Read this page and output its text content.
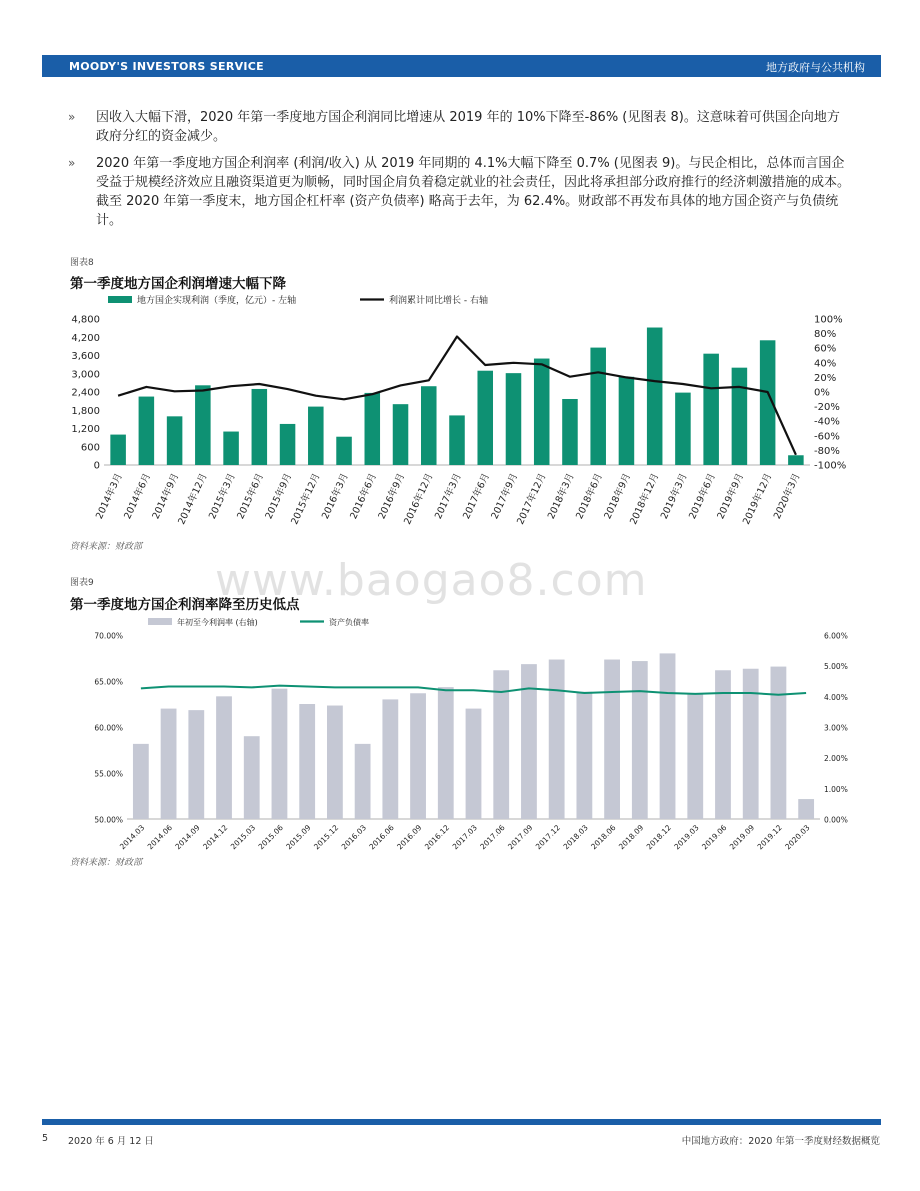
MOODY'S INVESTORS SERVICE	地方政府与公共机构
» 因收入大幅下滑，2020 年第一季度地方国企利润同比增速从 2019 年的 10%下降至-86% (见图表 8)。这意味着可供国企向地方政府分红的资金减少。
» 2020 年第一季度地方国企利润率 (利润/收入) 从 2019 年同期的 4.1%大幅下降至 0.7% (见图表 9)。与民企相比，总体而言国企受益于规模经济效应且融资渠道更为顺畅，同时国企肩负着稳定就业的社会责任，因此将承担部分政府推行的经济刺激措施的成本。截至 2020 年第一季度末，地方国企杠杆率 (资产负债率) 略高于去年，为 62.4%。财政部不再发布具体的地方国企资产与负债统计。
图表8
第一季度地方国企利润增速大幅下降
0
600
1,200
1,800
2,400
3,000
3,600
4,200
4,800
-100%
-80%
-60%
-40%
-20%
0%
20%
40%
60%
80%
100%
2014年3月
2014年6月
2014年9月
2014年12月
2015年3月
2015年6月
2015年9月
2015年12月
2016年3月
2016年6月
2016年9月
2016年12月
2017年3月
2017年6月
2017年9月
2017年12月
2018年3月
2018年6月
2018年9月
2018年12月
2019年3月
2019年6月
2019年9月
2019年12月
2020年3月
地方国企实现利润（季度，亿元）- 左轴	利润累计同比增长 - 右轴
资料来源：财政部
www.baogao8.com
图表9
第一季度地方国企利润率降至历史低点
50.00%
55.00%
60.00%
65.00%
70.00%
0.00%
1.00%
2.00%
3.00%
4.00%
5.00%
6.00%
2014.03 2014.06 2014.09 2014.12 2015.03 2015.06 2015.09 2015.12 2016.03 2016.06 2016.09 2016.12 2017.03 2017.06 2017.09 2017.12 2018.03 2018.06 2018.09 2018.12 2019.03 2019.06 2019.09 2019.12 2020.03
年初至今利润率 (右轴)	资产负债率
资料来源：财政部
5 2020 年 6 月 12 日	中国地方政府：2020 年第一季度财经数据概览
